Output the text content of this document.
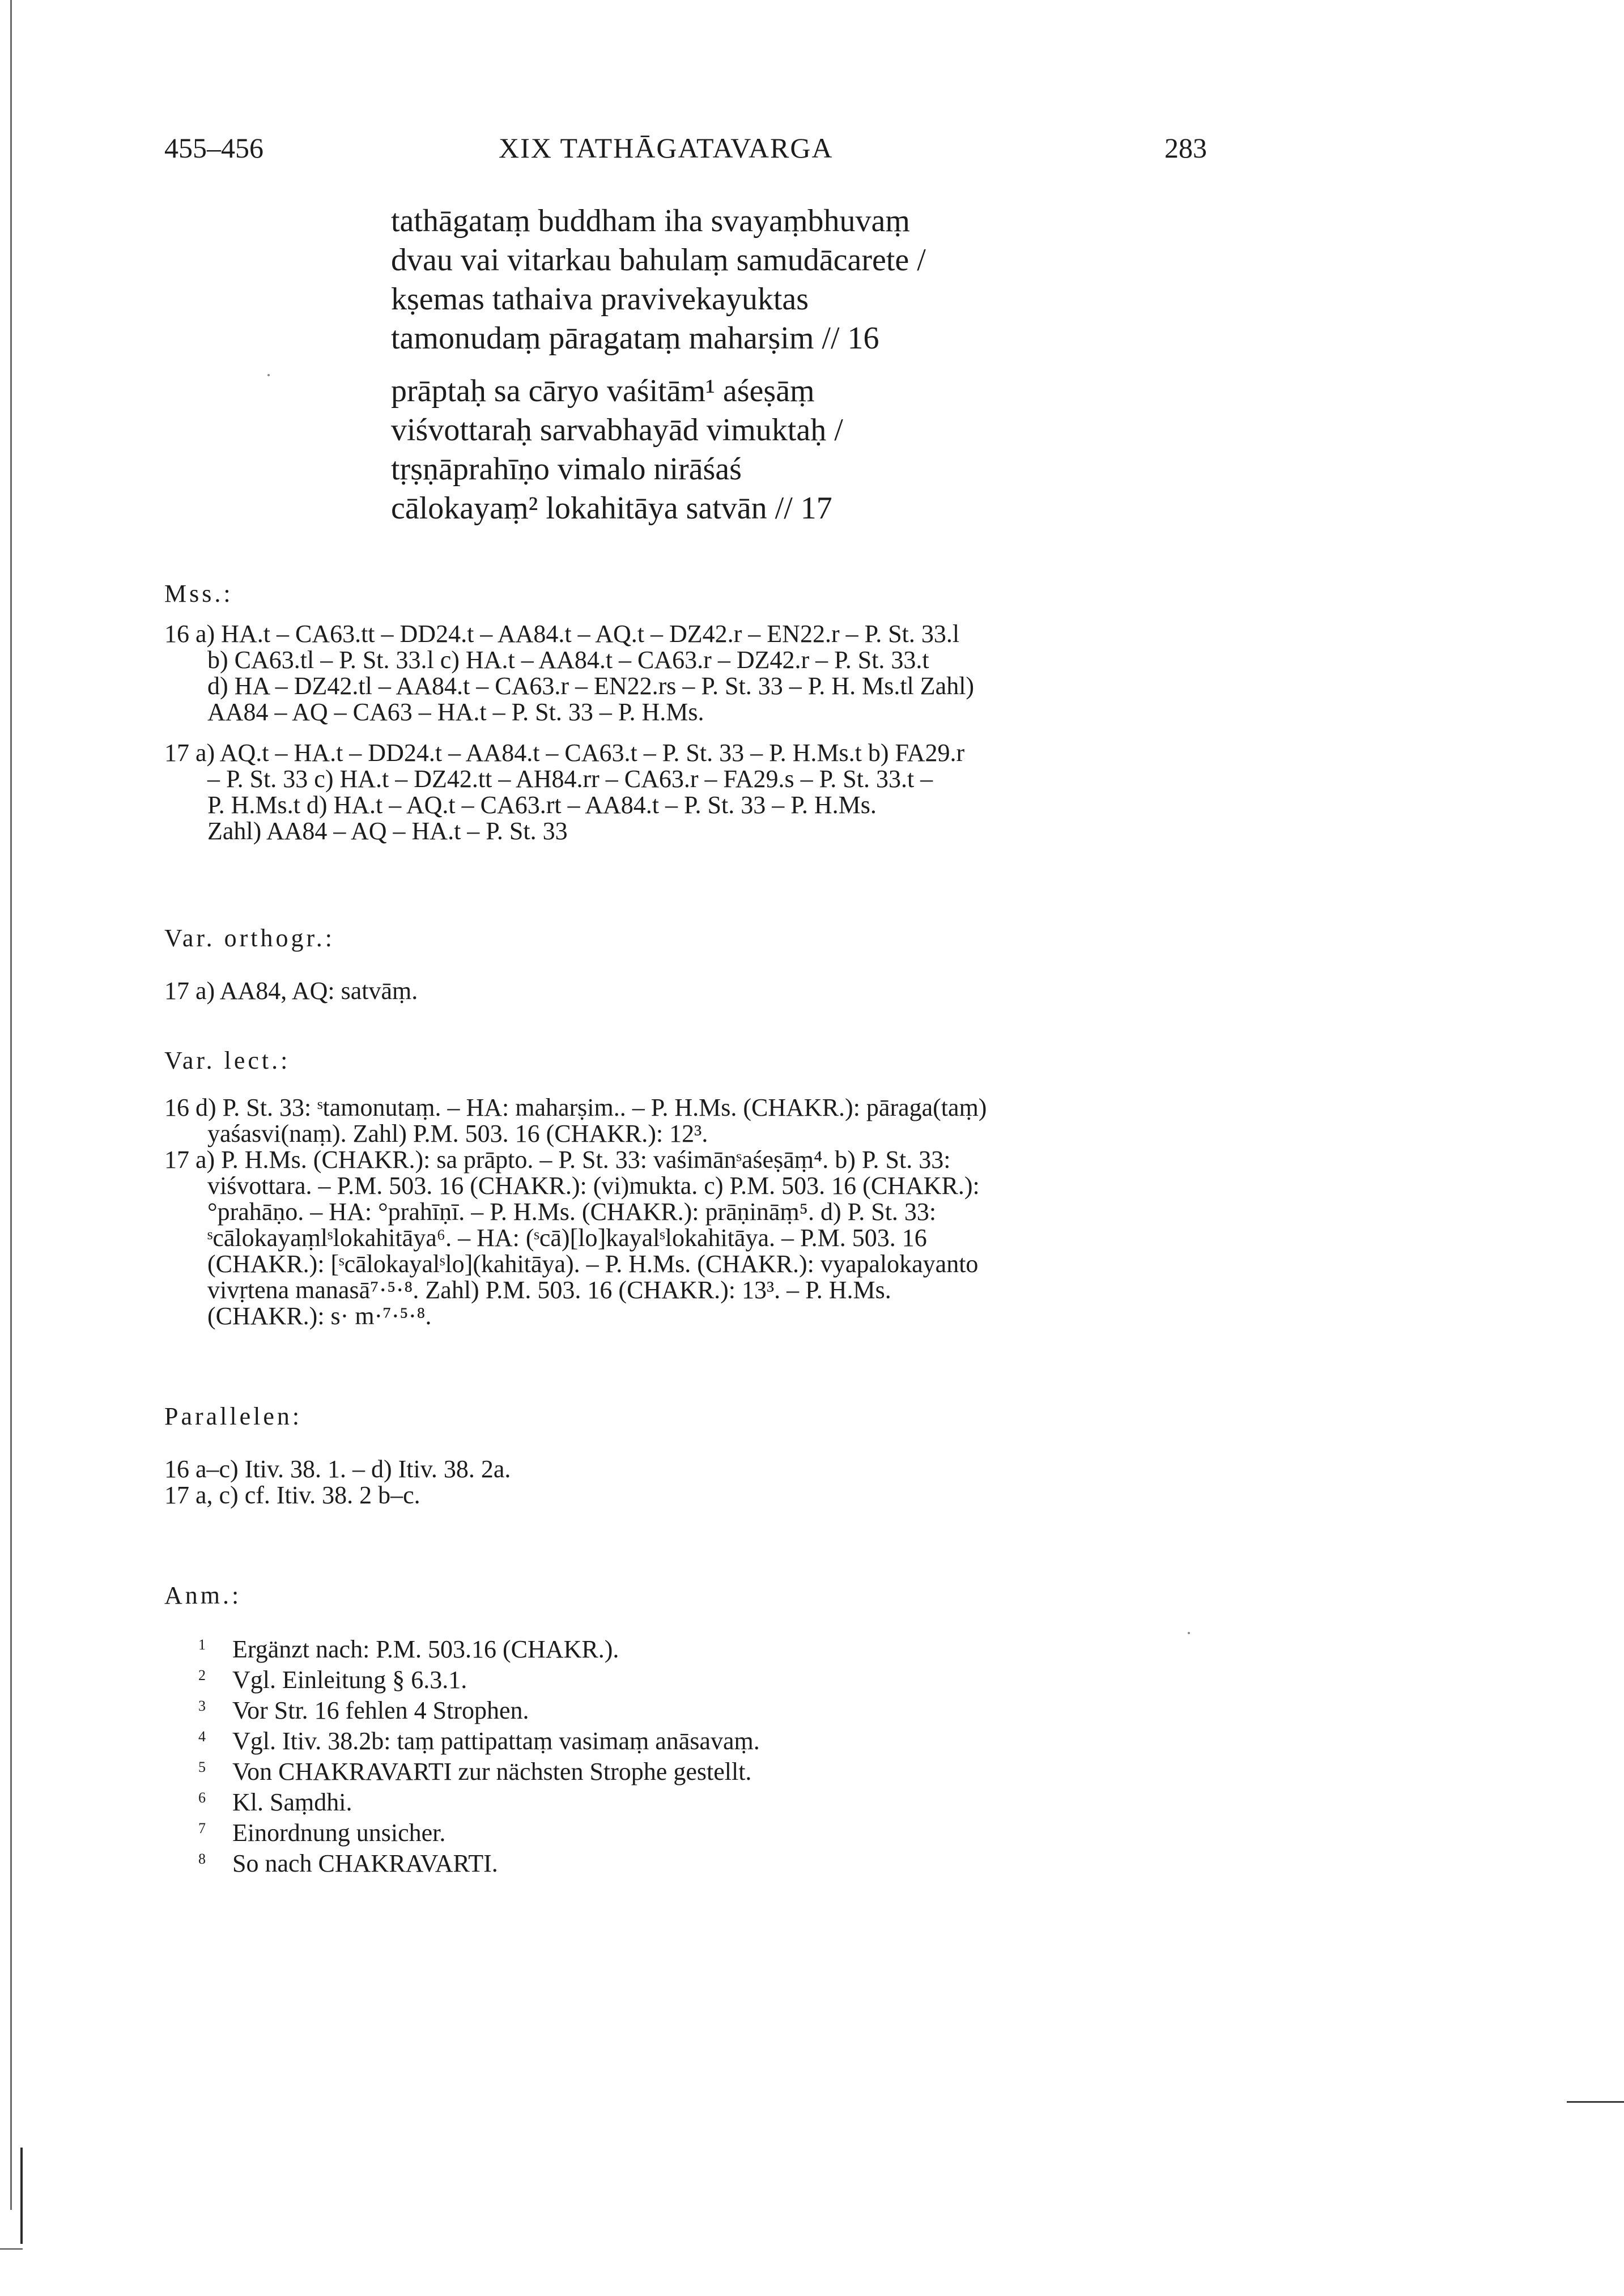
455–456	XIX TATHĀGATAVARGA	283
tathāgataṃ buddham iha svayaṃbhuvaṃ
dvau vai vitarkau bahulaṃ samudācarete /
kṣemas tathaiva pravivekayuktas
tamonudaṃ pāragataṃ maharṣim // 16
prāptaḥ sa cāryo vaśitām¹ aśeṣāṃ
viśvottaraḥ sarvabhayād vimuktaḥ /
tṛṣṇāprahīṇo vimalo nirāśaś
cālokayaṃ² lokahitāya satvān // 17
Mss.:
16 a) HA.t – CA63.tt – DD24.t – AA84.t – AQ.t – DZ42.r – EN22.r – P. St. 33.l
b) CA63.tl – P. St. 33.l c) HA.t – AA84.t – CA63.r – DZ42.r – P. St. 33.t
d) HA – DZ42.tl – AA84.t – CA63.r – EN22.rs – P. St. 33 – P. H. Ms.tl Zahl)
AA84 – AQ – CA63 – HA.t – P. St. 33 – P. H.Ms.
17 a) AQ.t – HA.t – DD24.t – AA84.t – CA63.t – P. St. 33 – P. H.Ms.t b) FA29.r
– P. St. 33 c) HA.t – DZ42.tt – AH84.rr – CA63.r – FA29.s – P. St. 33.t –
P. H.Ms.t d) HA.t – AQ.t – CA63.rt – AA84.t – P. St. 33 – P. H.Ms.
Zahl) AA84 – AQ – HA.t – P. St. 33
Var. orthogr.:
17 a) AA84, AQ: satvāṃ.
Var. lect.:
16 d) P. St. 33: ˢtamonutaṃ. – HA: maharṣim.. – P. H.Ms. (CHAKR.): pāraga(taṃ)
yaśasvi(naṃ). Zahl) P.M. 503. 16 (CHAKR.): 12³.
17 a) P. H.Ms. (CHAKR.): sa prāpto. – P. St. 33: vaśimānˢaśeṣāṃ⁴. b) P. St. 33:
viśvottara. – P.M. 503. 16 (CHAKR.): (vi)mukta. c) P.M. 503. 16 (CHAKR.):
°prahāṇo. – HA: °prahīṇī. – P. H.Ms. (CHAKR.): prāṇināṃ⁵. d) P. St. 33:
ˢcālokayaṃlˢlokahitāya⁶. – HA: (ˢcā)[lo]kayalˢlokahitāya. – P.M. 503. 16
(CHAKR.): [ˢcālokayalˢlo](kahitāya). – P. H.Ms. (CHAKR.): vyapalokayanto
vivṛtena manasā⁷·⁵·⁸. Zahl) P.M. 503. 16 (CHAKR.): 13³. – P. H.Ms.
(CHAKR.): s· m·⁷·⁵·⁸.
Parallelen:
16 a–c) Itiv. 38. 1. – d) Itiv. 38. 2a.
17 a, c) cf. Itiv. 38. 2 b–c.
Anm.:
$^1$ Ergänzt nach: P.M. 503.16 (CHAKR.).
$^2$ Vgl. Einleitung § 6.3.1.
$^3$ Vor Str. 16 fehlen 4 Strophen.
$^4$ Vgl. Itiv. 38.2b: taṃ pattipattaṃ vasimaṃ anāsavaṃ.
$^5$ Von CHAKRAVARTI zur nächsten Strophe gestellt.
$^6$ Kl. Saṃdhi.
$^7$ Einordnung unsicher.
$^8$ So nach CHAKRAVARTI.
